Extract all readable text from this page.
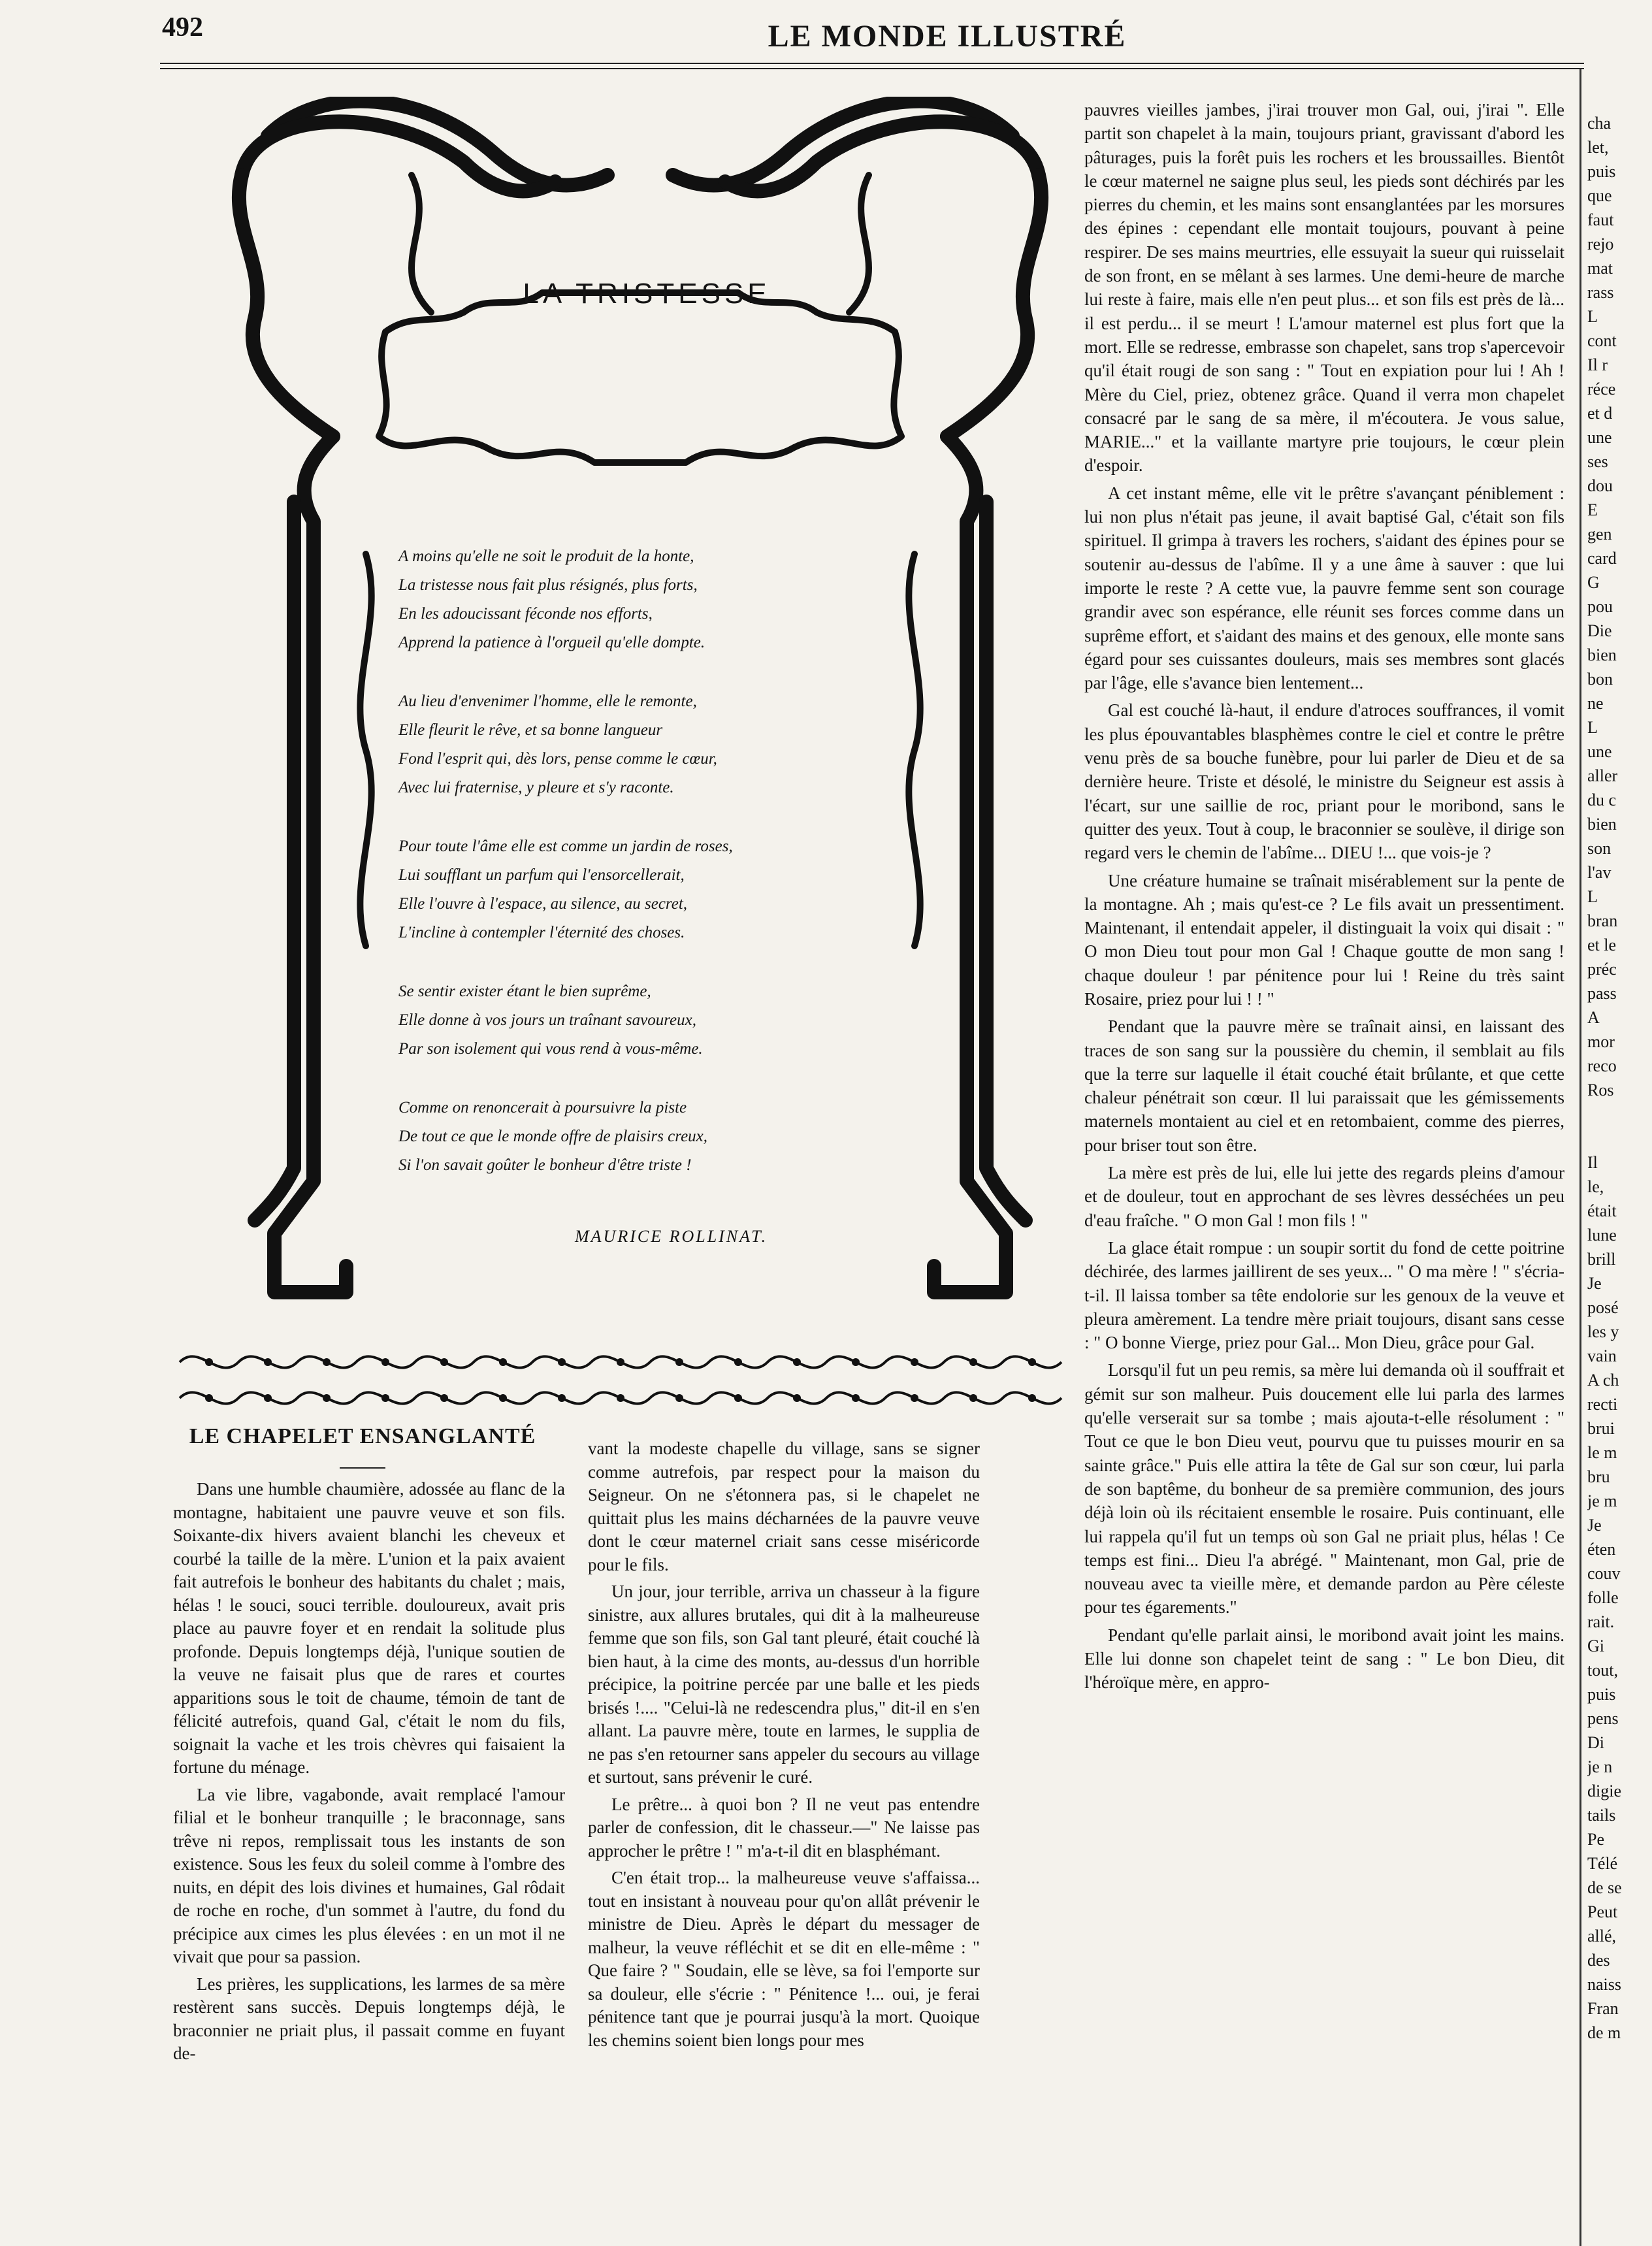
492	LE MONDE ILLUSTRÉ
LA TRISTESSE
A moins qu'elle ne soit le produit de la honte,
La tristesse nous fait plus résignés, plus forts,
En les adoucissant féconde nos efforts,
Apprend la patience à l'orgueil qu'elle dompte.
Au lieu d'envenimer l'homme, elle le remonte,
Elle fleurit le rêve, et sa bonne langueur
Fond l'esprit qui, dès lors, pense comme le cœur,
Avec lui fraternise, y pleure et s'y raconte.
Pour toute l'âme elle est comme un jardin de roses,
Lui soufflant un parfum qui l'ensorcellerait,
Elle l'ouvre à l'espace, au silence, au secret,
L'incline à contempler l'éternité des choses.
Se sentir exister étant le bien suprême,
Elle donne à vos jours un traînant savoureux,
Par son isolement qui vous rend à vous-même.
Comme on renoncerait à poursuivre la piste
De tout ce que le monde offre de plaisirs creux,
Si l'on savait goûter le bonheur d'être triste !
MAURICE ROLLINAT.
LE CHAPELET ENSANGLANTÉ

Dans une humble chaumière, adossée au flanc de la montagne, habitaient une pauvre veuve et son fils. Soixante-dix hivers avaient blanchi les cheveux et courbé la taille de la mère. L'union et la paix avaient fait autrefois le bonheur des habitants du chalet ; mais, hélas ! le souci, souci terrible. douloureux, avait pris place au pauvre foyer et en rendait la solitude plus profonde. Depuis longtemps déjà, l'unique soutien de la veuve ne faisait plus que de rares et courtes apparitions sous le toit de chaume, témoin de tant de félicité autrefois, quand Gal, c'était le nom du fils, soignait la vache et les trois chèvres qui faisaient la fortune du ménage.

La vie libre, vagabonde, avait remplacé l'amour filial et le bonheur tranquille ; le braconnage, sans trêve ni repos, remplissait tous les instants de son existence. Sous les feux du soleil comme à l'ombre des nuits, en dépit des lois divines et humaines, Gal rôdait de roche en roche, d'un sommet à l'autre, du fond du précipice aux cimes les plus élevées : en un mot il ne vivait que pour sa passion.

Les prières, les supplications, les larmes de sa mère restèrent sans succès. Depuis longtemps déjà, le braconnier ne priait plus, il passait comme en fuyant de-

vant la modeste chapelle du village, sans se signer comme autrefois, par respect pour la maison du Seigneur. On ne s'étonnera pas, si le chapelet ne quittait plus les mains décharnées de la pauvre veuve dont le cœur maternel criait sans cesse miséricorde pour le fils.

Un jour, jour terrible, arriva un chasseur à la figure sinistre, aux allures brutales, qui dit à la malheureuse femme que son fils, son Gal tant pleuré, était couché là bien haut, à la cime des monts, au-dessus d'un horrible précipice, la poitrine percée par une balle et les pieds brisés !.... "Celui-là ne redescendra plus," dit-il en s'en allant. La pauvre mère, toute en larmes, le supplia de ne pas s'en retourner sans appeler du secours au village et surtout, sans prévenir le curé.

Le prêtre... à quoi bon ? Il ne veut pas entendre parler de confession, dit le chasseur.—" Ne laisse pas approcher le prêtre ! " m'a-t-il dit en blasphémant.

C'en était trop... la malheureuse veuve s'affaissa... tout en insistant à nouveau pour qu'on allât prévenir le ministre de Dieu. Après le départ du messager de malheur, la veuve réfléchit et se dit en elle-même : " Que faire ? " Soudain, elle se lève, sa foi l'emporte sur sa douleur, elle s'écrie : " Pénitence !... oui, je ferai pénitence tant que je pourrai jusqu'à la mort. Quoique les chemins soient bien longs pour mes

pauvres vieilles jambes, j'irai trouver mon Gal, oui, j'irai ". Elle partit son chapelet à la main, toujours priant, gravissant d'abord les pâturages, puis la forêt puis les rochers et les broussailles. Bientôt le cœur maternel ne saigne plus seul, les pieds sont déchirés par les pierres du chemin, et les mains sont ensanglantées par les morsures des épines : cependant elle montait toujours, pouvant à peine respirer. De ses mains meurtries, elle essuyait la sueur qui ruisselait de son front, en se mêlant à ses larmes. Une demi-heure de marche lui reste à faire, mais elle n'en peut plus... et son fils est près de là... il est perdu... il se meurt ! L'amour maternel est plus fort que la mort. Elle se redresse, embrasse son chapelet, sans trop s'apercevoir qu'il était rougi de son sang : " Tout en expiation pour lui ! Ah ! Mère du Ciel, priez, obtenez grâce. Quand il verra mon chapelet consacré par le sang de sa mère, il m'écoutera. Je vous salue, MARIE..." et la vaillante martyre prie toujours, le cœur plein d'espoir.

A cet instant même, elle vit le prêtre s'avançant péniblement : lui non plus n'était pas jeune, il avait baptisé Gal, c'était son fils spirituel. Il grimpa à travers les rochers, s'aidant des épines pour se soutenir au-dessus de l'abîme. Il y a une âme à sauver : que lui importe le reste ? A cette vue, la pauvre femme sent son courage grandir avec son espérance, elle réunit ses forces comme dans un suprême effort, et s'aidant des mains et des genoux, elle monte sans égard pour ses cuissantes douleurs, mais ses membres sont glacés par l'âge, elle s'avance bien lentement...

Gal est couché là-haut, il endure d'atroces souffrances, il vomit les plus épouvantables blasphèmes contre le ciel et contre le prêtre venu près de sa bouche funèbre, pour lui parler de Dieu et de sa dernière heure. Triste et désolé, le ministre du Seigneur est assis à l'écart, sur une saillie de roc, priant pour le moribond, sans le quitter des yeux. Tout à coup, le braconnier se soulève, il dirige son regard vers le chemin de l'abîme... DIEU !... que vois-je ?

Une créature humaine se traînait misérablement sur la pente de la montagne. Ah ; mais qu'est-ce ? Le fils avait un pressentiment. Maintenant, il entendait appeler, il distinguait la voix qui disait : " O mon Dieu tout pour mon Gal ! Chaque goutte de mon sang ! chaque douleur ! par pénitence pour lui ! Reine du très saint Rosaire, priez pour lui ! ! "

Pendant que la pauvre mère se traînait ainsi, en laissant des traces de son sang sur la poussière du chemin, il semblait au fils que la terre sur laquelle il était couché était brûlante, et que cette chaleur pénétrait son cœur. Il lui paraissait que les gémissements maternels montaient au ciel et en retombaient, comme des pierres, pour briser tout son être.

La mère est près de lui, elle lui jette des regards pleins d'amour et de douleur, tout en approchant de ses lèvres desséchées un peu d'eau fraîche. " O mon Gal ! mon fils ! "

La glace était rompue : un soupir sortit du fond de cette poitrine déchirée, des larmes jaillirent de ses yeux... " O ma mère ! " s'écria-t-il. Il laissa tomber sa tête endolorie sur les genoux de la veuve et pleura amèrement. La tendre mère priait toujours, disant sans cesse : " O bonne Vierge, priez pour Gal... Mon Dieu, grâce pour Gal.

Lorsqu'il fut un peu remis, sa mère lui demanda où il souffrait et gémit sur son malheur. Puis doucement elle lui parla des larmes qu'elle verserait sur sa tombe ; mais ajouta-t-elle résolument : " Tout ce que le bon Dieu veut, pourvu que tu puisses mourir en sa sainte grâce." Puis elle attira la tête de Gal sur son cœur, lui parla de son baptême, du bonheur de sa première communion, des jours déjà loin où ils récitaient ensemble le rosaire. Puis continuant, elle lui rappela qu'il fut un temps où son Gal ne priait plus, hélas ! Ce temps est fini... Dieu l'a abrégé. " Maintenant, mon Gal, prie de nouveau avec ta vieille mère, et demande pardon au Père céleste pour tes égarements."

Pendant qu'elle parlait ainsi, le moribond avait joint les mains. Elle lui donne son chapelet teint de sang : " Le bon Dieu, dit l'héroïque mère, en appro-

cha
let,
puis
que
faut
rejo
mat
rass
L
cont
Il r
réce
et d
une
ses
dou
E
gen
card
G
pou
Die
bien
bon
ne
L
une
aller
du c
bien
son
l'av
L
bran
et le
préc
pass
A
mor
reco
Ros
Il
le,
était
lune
brill
Je
posé
les y
vain
A ch
recti
brui
le m
bru
je m
Je
éten
couv
folle
rait.
Gi
tout,
puis
pens
Di
je n
digie
tails
Pe
Télé
de se
Peut
allé,
des
naiss
Fran
de m
